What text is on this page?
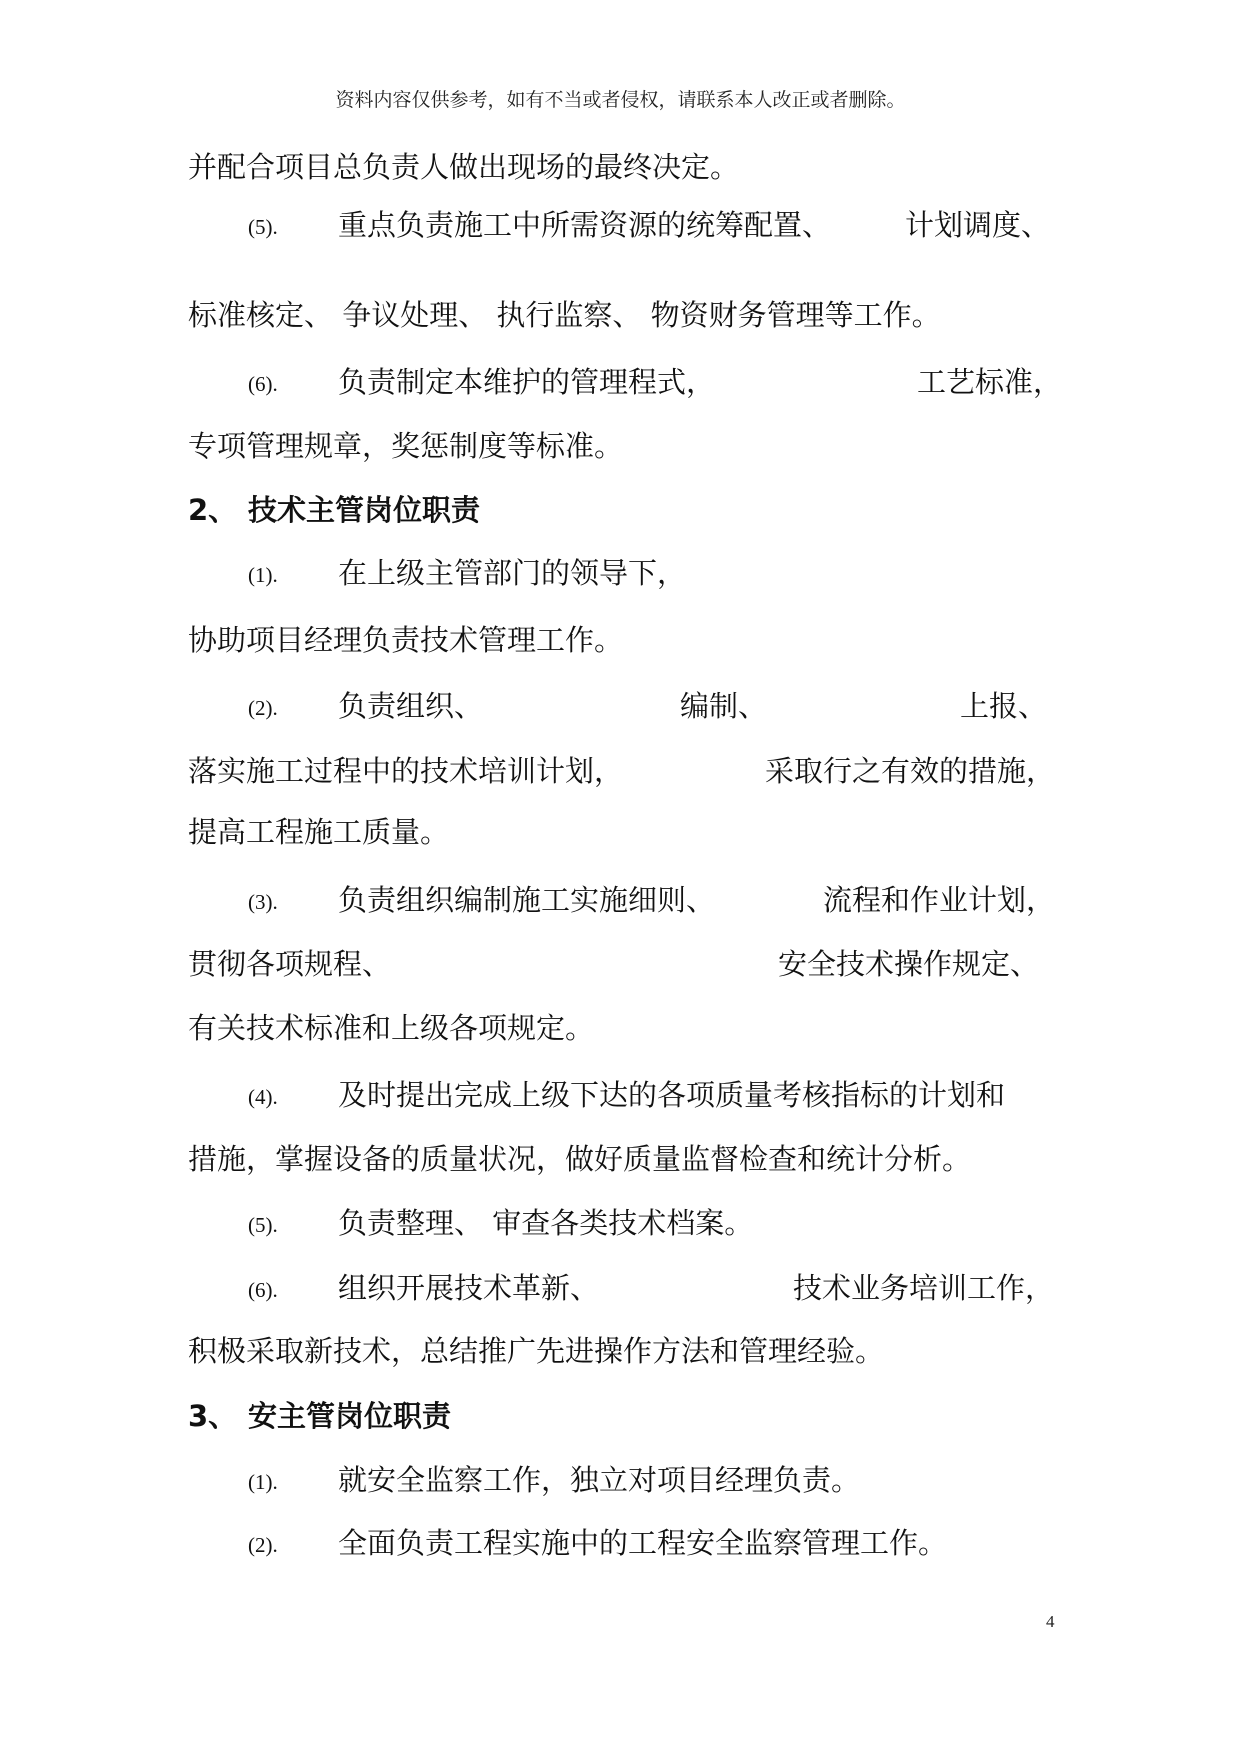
资料内容仅供参考，如有不当或者侵权，请联系本人改正或者删除。
并配合项目总负责人做出现场的最终决定。
(5). 重点负责施工中所需资源的统筹配置、	计划调度、
标准核定、 争议处理、 执行监察、 物资财务管理等工作。
(6). 负责制定本维护的管理程式，	工艺标准，
专项管理规章，奖惩制度等标准。
2、 技术主管岗位职责
(1). 在上级主管部门的领导下，
协助项目经理负责技术管理工作。
(2). 负责组织、	编制、	上报、
落实施工过程中的技术培训计划，	采取行之有效的措施，
提高工程施工质量。
(3). 负责组织编制施工实施细则、	流程和作业计划，
贯彻各项规程、	安全技术操作规定、
有关技术标准和上级各项规定。
(4). 及时提出完成上级下达的各项质量考核指标的计划和
措施，掌握设备的质量状况，做好质量监督检查和统计分析。
(5). 负责整理、 审查各类技术档案。
(6). 组织开展技术革新、	技术业务培训工作，
积极采取新技术，总结推广先进操作方法和管理经验。
3、 安主管岗位职责
(1). 就安全监察工作，独立对项目经理负责。
(2). 全面负责工程实施中的工程安全监察管理工作。
4
